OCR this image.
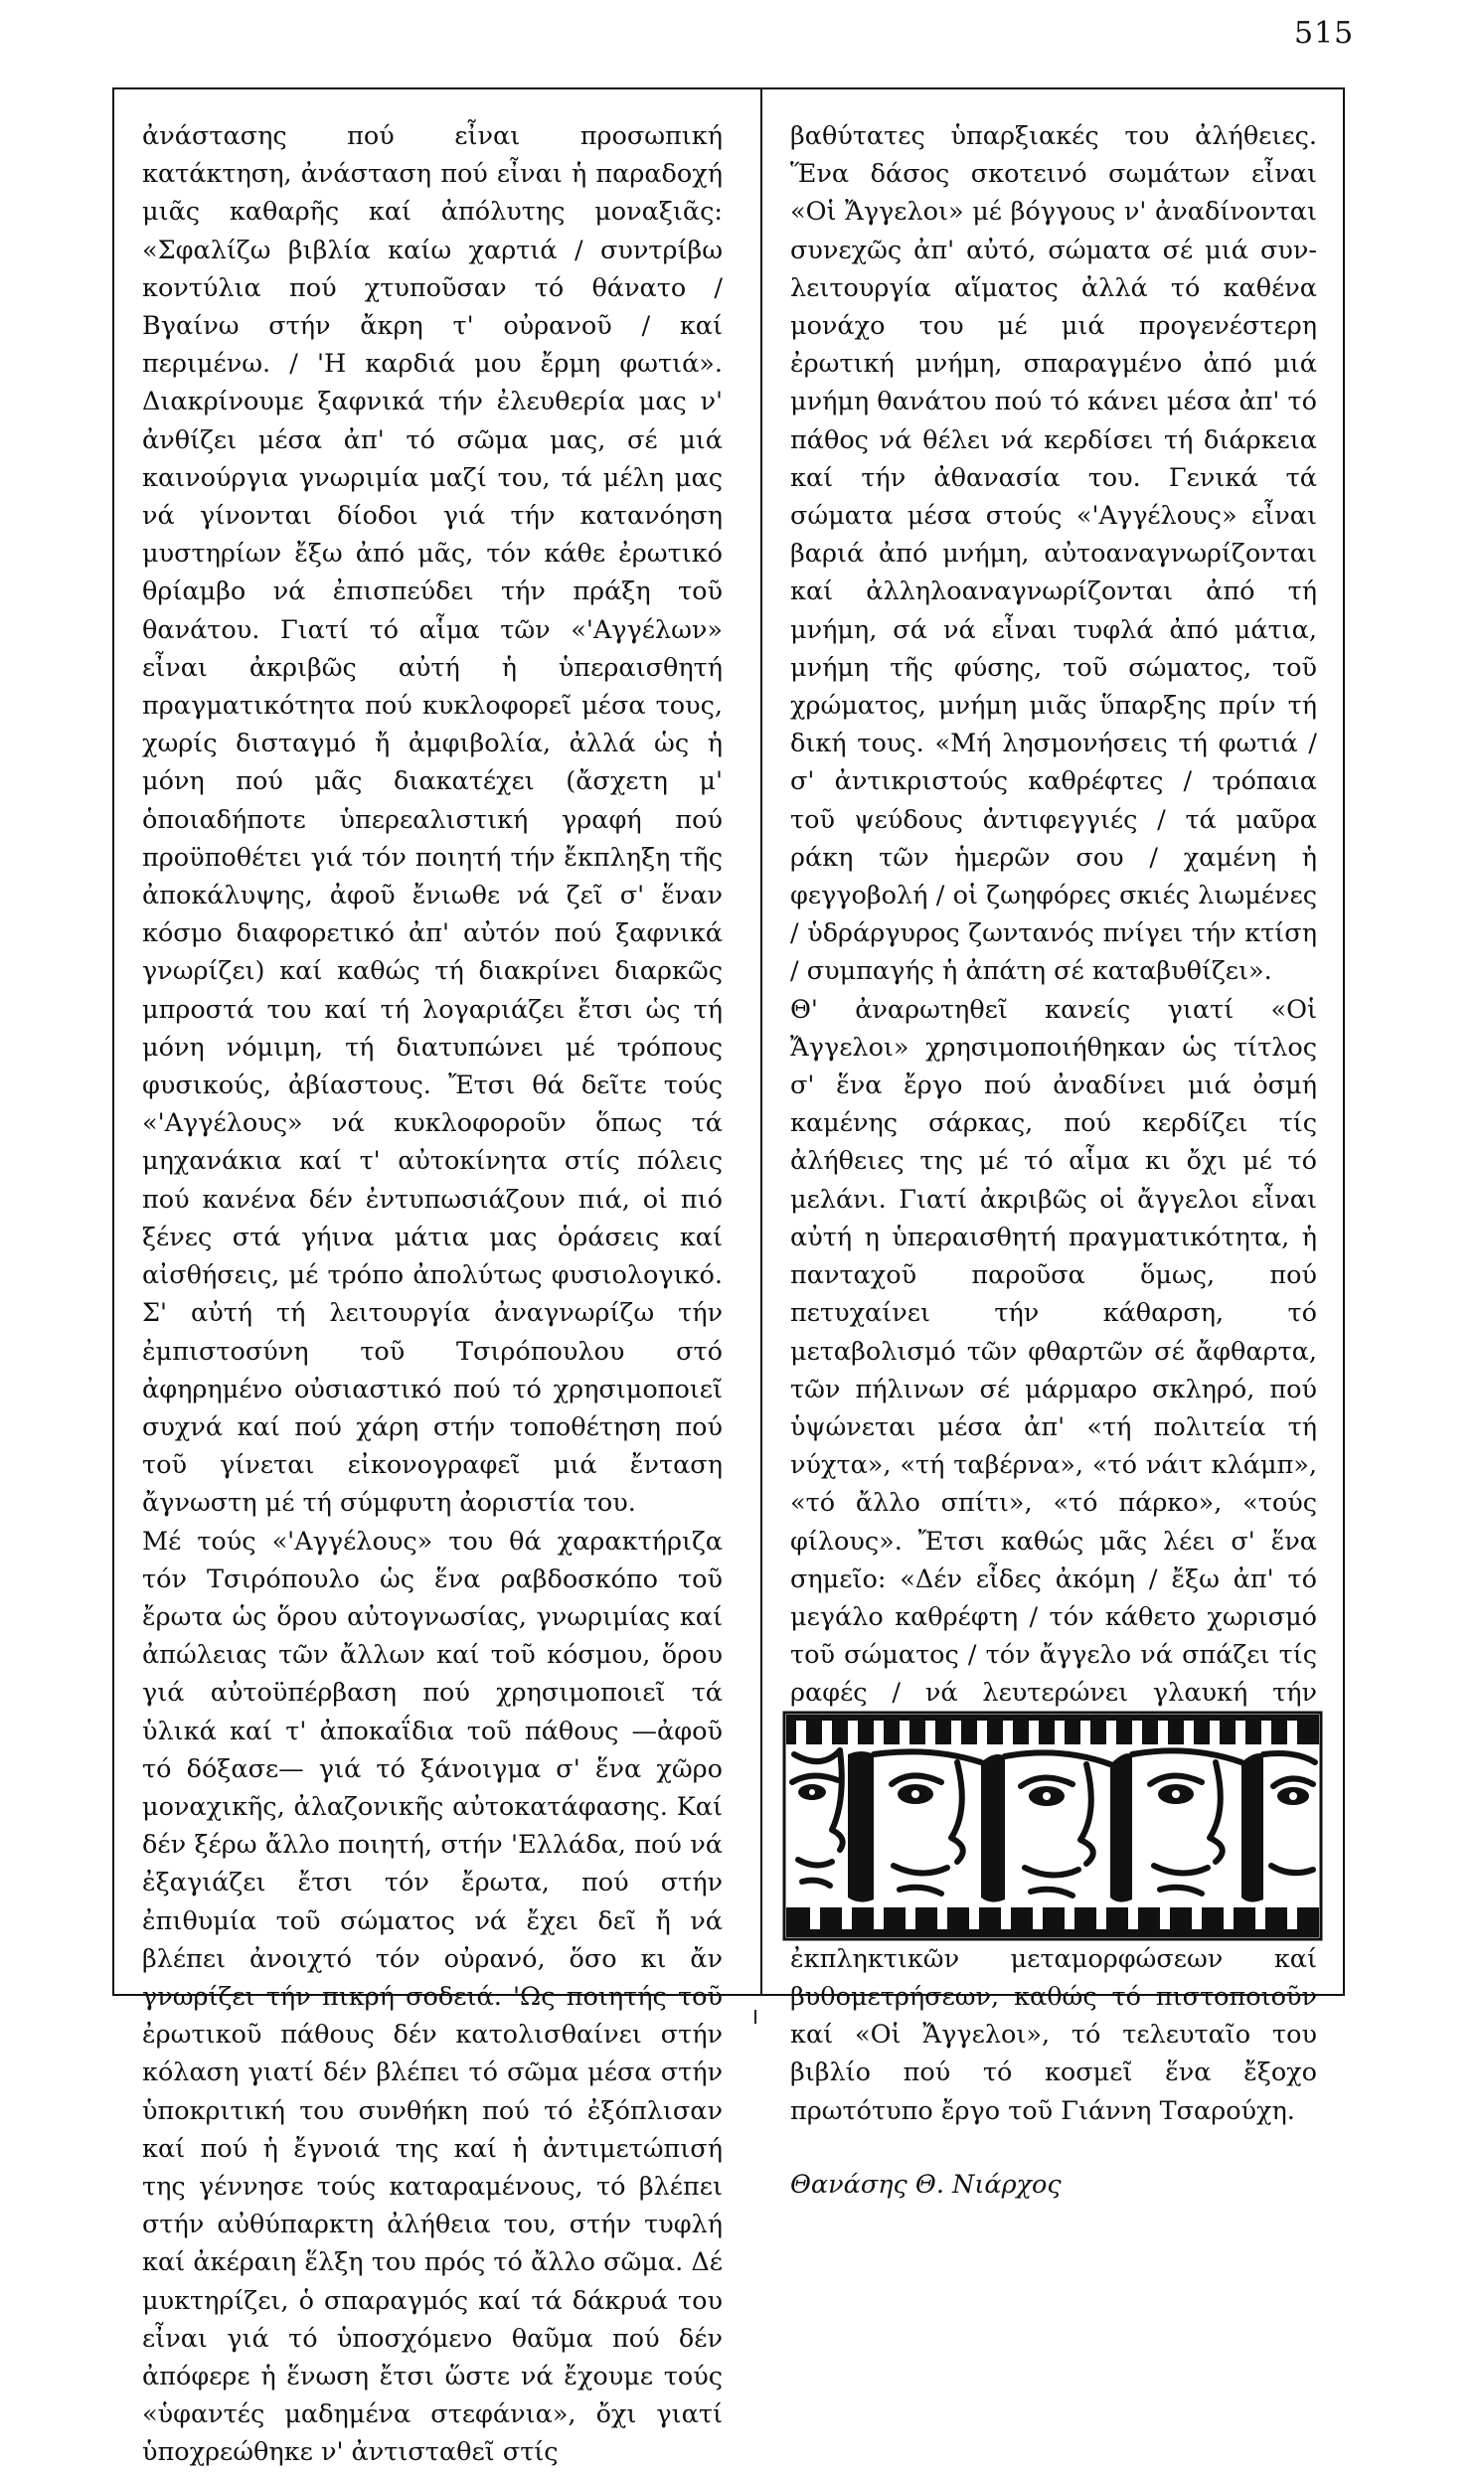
515

ἀνάστασης πού εἶναι προσωπική κατάκτηση, ἀνάσταση πού εἶναι ἡ παραδοχή μιᾶς καθαρῆς καί ἀπόλυτης μοναξιᾶς: «Σφαλίζω βιβλία καίω χαρτιά / συντρίβω κοντύλια πού χτυποῦσαν τό θάνατο / Βγαίνω στήν ἄκρη τ' οὐρανοῦ / καί περιμένω. / 'Η καρδιά μου ἔρμη φωτιά». Διακρίνουμε ξαφνικά τήν ἐλευθερία μας ν' ἀνθίζει μέσα ἀπ' τό σῶμα μας, σέ μιά καινούργια γνωριμία μαζί του, τά μέλη μας νά γίνονται δίοδοι γιά τήν κατανόηση μυστηρίων ἔξω ἀπό μᾶς, τόν κάθε ἐρωτικό θρίαμβο νά ἐπισπεύδει τήν πράξη τοῦ θανάτου. Γιατί τό αἷμα τῶν «'Αγγέλων» εἶναι ἀκριβῶς αὐτή ἡ ὑπεραισθητή πραγματικότητα πού κυκλοφορεῖ μέσα τους, χωρίς δισταγμό ἤ ἀμφιβολία, ἀλλά ὡς ἡ μόνη πού μᾶς διακατέχει (ἄσχετη μ' ὁποιαδήποτε ὑπερεαλιστική γραφή πού προϋποθέτει γιά τόν ποιητή τήν ἔκπληξη τῆς ἀποκάλυψης, ἀφοῦ ἔνιωθε νά ζεῖ σ' ἕναν κόσμο διαφορετικό ἀπ' αὐτόν πού ξαφνικά γνωρίζει) καί καθώς τή διακρίνει διαρκῶς μπροστά του καί τή λογαριάζει ἔτσι ὡς τή μόνη νόμιμη, τή διατυπώνει μέ τρόπους φυσικούς, ἀβίαστους. Ἔτσι θά δεῖτε τούς «'Αγγέλους» νά κυκλοφοροῦν ὅπως τά μηχανάκια καί τ' αὐτοκίνητα στίς πόλεις πού κανένα δέν ἐντυπωσιάζουν πιά, οἱ πιό ξένες στά γήινα μάτια μας ὁράσεις καί αἰσθήσεις, μέ τρόπο ἀπολύτως φυσιολογικό. Σ' αὐτή τή λειτουργία ἀναγνωρίζω τήν ἐμπιστοσύνη τοῦ Τσιρόπουλου στό ἀφηρημένο οὐσιαστικό πού τό χρησιμοποιεῖ συχνά καί πού χάρη στήν τοποθέτηση πού τοῦ γίνεται εἰκονογραφεῖ μιά ἔνταση ἄγνωστη μέ τή σύμφυτη ἀοριστία του.

Μέ τούς «'Αγγέλους» του θά χαρακτήριζα τόν Τσιρόπουλο ὡς ἕνα ραβδοσκόπο τοῦ ἔρωτα ὡς ὅρου αὐτογνωσίας, γνωριμίας καί ἀπώλειας τῶν ἄλλων καί τοῦ κόσμου, ὅρου γιά αὐτοϋπέρβαση πού χρησιμοποιεῖ τά ὑλικά καί τ' ἀποκαΐδια τοῦ πάθους —ἀφοῦ τό δόξασε— γιά τό ξάνοιγμα σ' ἕνα χῶρο μοναχικῆς, ἀλαζονικῆς αὐτοκατάφασης. Καί δέν ξέρω ἄλλο ποιητή, στήν 'Ελλάδα, πού νά ἐξαγιάζει ἔτσι τόν ἔρωτα, πού στήν ἐπιθυμία τοῦ σώματος νά ἔχει δεῖ ἤ νά βλέπει ἀνοιχτό τόν οὐρανό, ὅσο κι ἄν γνωρίζει τήν πικρή σοδειά. 'Ως ποιητής τοῦ ἐρωτικοῦ πάθους δέν κατολισθαίνει στήν κόλαση γιατί δέν βλέπει τό σῶμα μέσα στήν ὑποκριτική του συνθήκη πού τό ἐξόπλισαν καί πού ἡ ἔγνοιά της καί ἡ ἀντιμετώπισή της γέννησε τούς καταραμένους, τό βλέπει στήν αὐθύπαρκτη ἀλήθεια του, στήν τυφλή καί ἀκέραιη ἕλξη του πρός τό ἄλλο σῶμα. Δέ μυκτηρίζει, ὁ σπαραγμός καί τά δάκρυά του εἶναι γιά τό ὑποσχόμενο θαῦμα πού δέν ἀπόφερε ἡ ἕνωση ἔτσι ὥστε νά ἔχουμε τούς «ὑφαντές μαδημένα στεφάνια», ὄχι γιατί ὑποχρεώθηκε ν' ἀντισταθεῖ στίς

βαθύτατες ὑπαρξιακές του ἀλήθειες. Ἕνα δάσος σκοτεινό σωμάτων εἶναι «Οἱ Ἄγγελοι» μέ βόγγους ν' ἀναδίνονται συνεχῶς ἀπ' αὐτό, σώματα σέ μιά συν-λειτουργία αἵματος ἀλλά τό καθένα μονάχο του μέ μιά προγενέστερη ἐρωτική μνήμη, σπαραγμένο ἀπό μιά μνήμη θανάτου πού τό κάνει μέσα ἀπ' τό πάθος νά θέλει νά κερδίσει τή διάρκεια καί τήν ἀθανασία του. Γενικά τά σώματα μέσα στούς «'Αγγέλους» εἶναι βαριά ἀπό μνήμη, αὐτοαναγνωρίζονται καί ἀλληλοαναγνωρίζονται ἀπό τή μνήμη, σά νά εἶναι τυφλά ἀπό μάτια, μνήμη τῆς φύσης, τοῦ σώματος, τοῦ χρώματος, μνήμη μιᾶς ὕπαρξης πρίν τή δική τους. «Μή λησμονήσεις τή φωτιά / σ' ἀντικριστούς καθρέφτες / τρόπαια τοῦ ψεύδους ἀντιφεγγιές / τά μαῦρα ράκη τῶν ἡμερῶν σου / χαμένη ἡ φεγγοβολή / οἱ ζωηφόρες σκιές λιωμένες / ὑδράργυρος ζωντανός πνίγει τήν κτίση / συμπαγής ἡ ἀπάτη σέ καταβυθίζει».

Θ' ἀναρωτηθεῖ κανείς γιατί «Οἱ Ἄγγελοι» χρησιμοποιήθηκαν ὡς τίτλος σ' ἕνα ἔργο πού ἀναδίνει μιά ὀσμή καμένης σάρκας, πού κερδίζει τίς ἀλήθειες της μέ τό αἷμα κι ὄχι μέ τό μελάνι. Γιατί ἀκριβῶς οἱ ἄγγελοι εἶναι αὐτή η ὑπεραισθητή πραγματικότητα, ἡ πανταχοῦ παροῦσα ὅμως, πού πετυχαίνει τήν κάθαρση, τό μεταβολισμό τῶν φθαρτῶν σέ ἄφθαρτα, τῶν πήλινων σέ μάρμαρο σκληρό, πού ὑψώνεται μέσα ἀπ' «τή πολιτεία τή νύχτα», «τή ταβέρνα», «τό νάιτ κλάμπ», «τό ἄλλο σπίτι», «τό πάρκο», «τούς φίλους». Ἔτσι καθώς μᾶς λέει σ' ἕνα σημεῖο: «Δέν εἶδες ἀκόμη / ἔξω ἀπ' τό μεγάλο καθρέφτη / τόν κάθετο χωρισμό τοῦ σώματος / τόν ἄγγελο νά σπάζει τίς ραφές / νά λευτερώνει γλαυκή τήν ἐκπληκτικῶν μεταμορφώσεων καί βυθομετρήσεων, καθώς τό πιστοποιοῦν καί «Οἱ Ἄγγελοι», τό τελευταῖο του βιβλίο πού τό κοσμεῖ ἕνα ἔξοχο πρωτότυπο ἔργο τοῦ Γιάννη Τσαρούχη.

Θανάσης Θ. Νιάρχος
